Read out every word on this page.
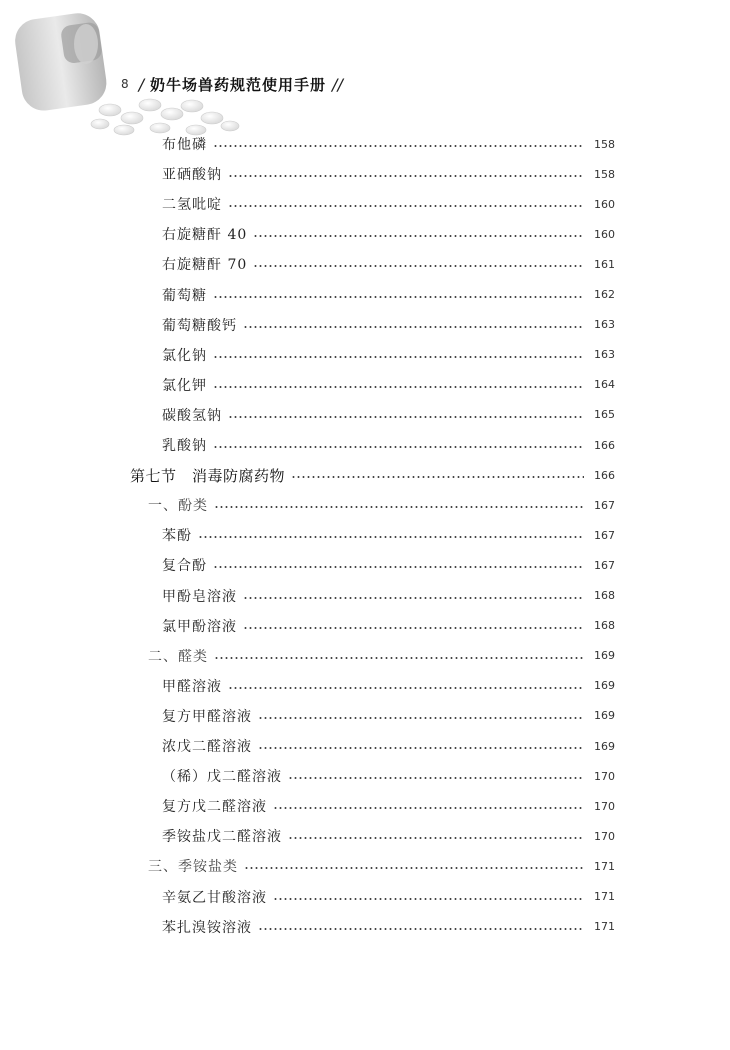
8 / 奶牛场兽药规范使用手册 //
布他磷	158
亚硒酸钠	158
二氢吡啶	160
右旋糖酐 40	160
右旋糖酐 70	161
葡萄糖	162
葡萄糖酸钙	163
氯化钠	163
氯化钾	164
碳酸氢钠	165
乳酸钠	166
第七节　消毒防腐药物	166
一、酚类	167
苯酚	167
复合酚	167
甲酚皂溶液	168
氯甲酚溶液	168
二、醛类	169
甲醛溶液	169
复方甲醛溶液	169
浓戊二醛溶液	169
（稀）戊二醛溶液	170
复方戊二醛溶液	170
季铵盐戊二醛溶液	170
三、季铵盐类	171
辛氨乙甘酸溶液	171
苯扎溴铵溶液	171
